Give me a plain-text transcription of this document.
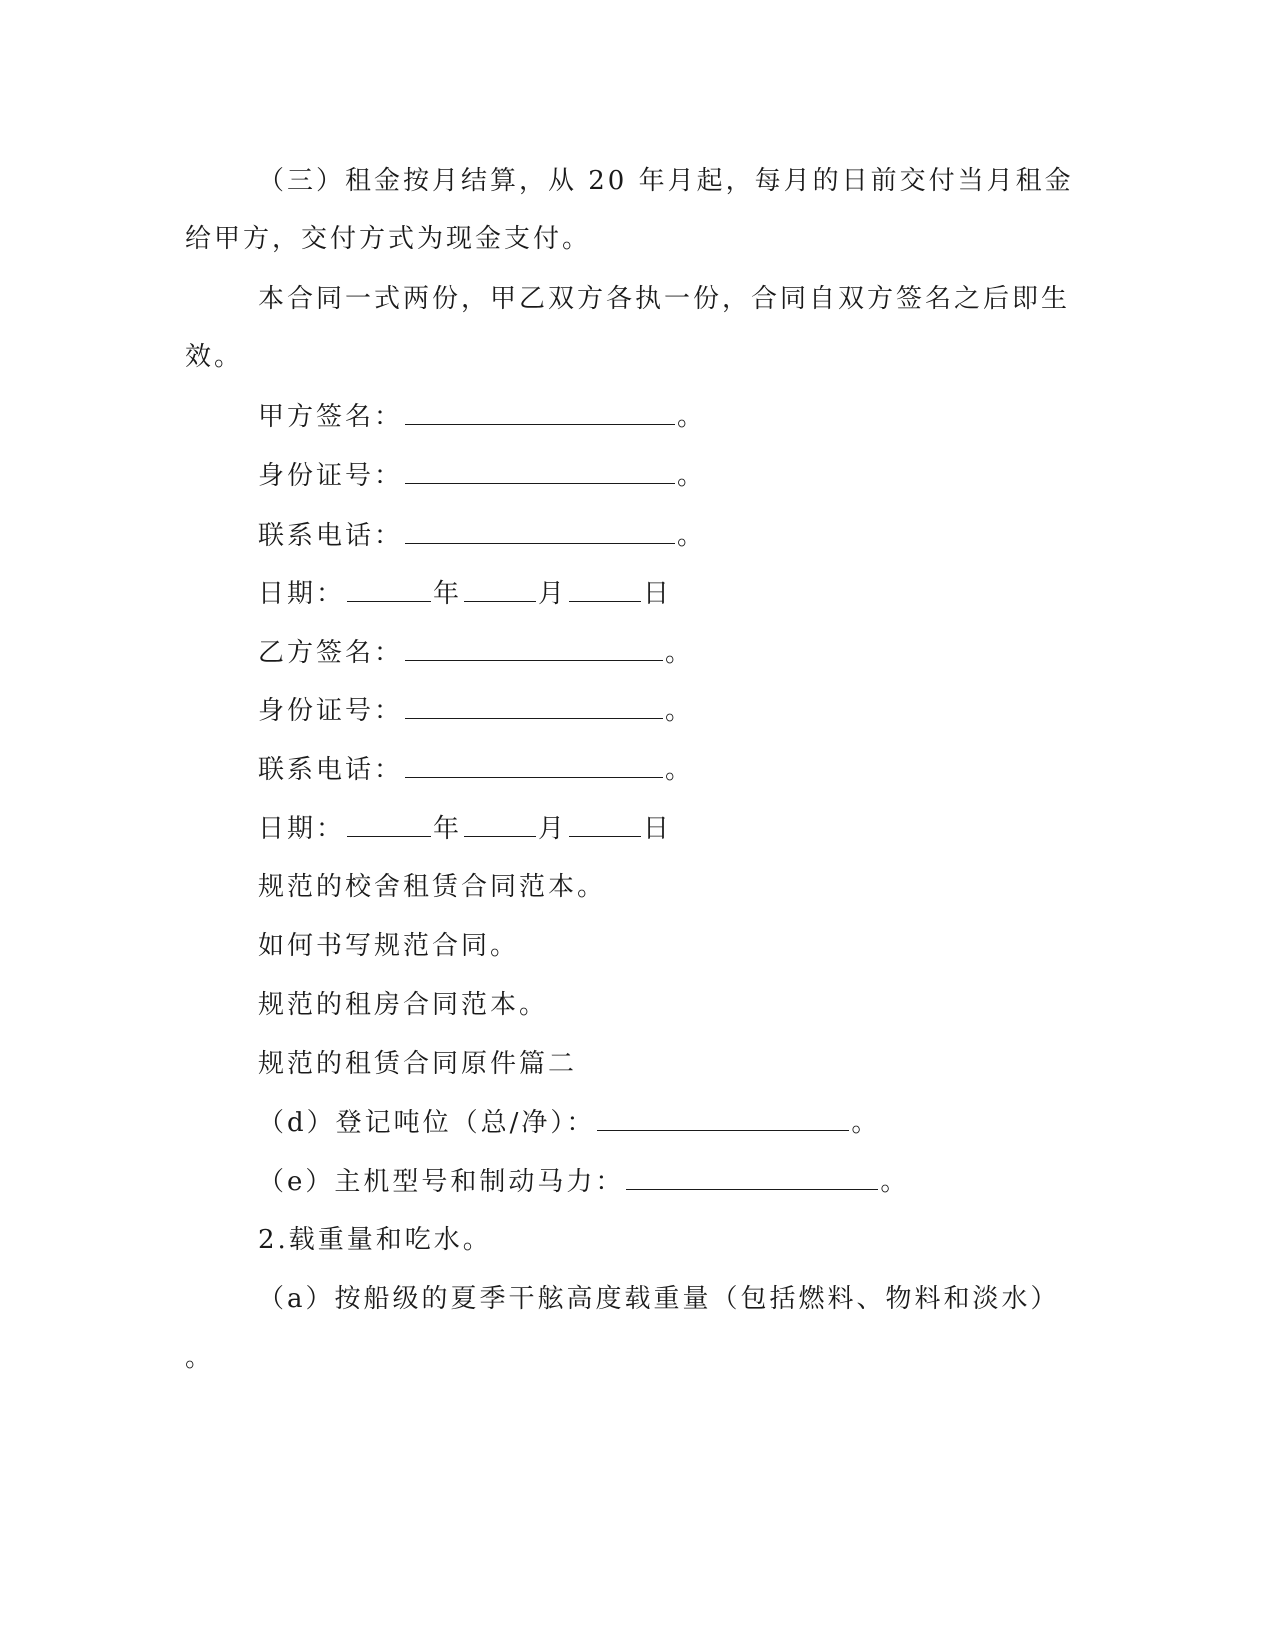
（三）租金按月结算，从 20 年月起，每月的日前交付当月租金
给甲方，交付方式为现金支付。
本合同一式两份，甲乙双方各执一份，合同自双方签名之后即生
效。
甲方签名：	。
身份证号：	。
联系电话：	。
日期：	年	月	日
乙方签名：	。
身份证号：	。
联系电话：	。
日期：	年	月	日
规范的校舍租赁合同范本。
如何书写规范合同。
规范的租房合同范本。
规范的租赁合同原件篇二
（d）登记吨位（总/净）：	。
（e）主机型号和制动马力：	。
2.载重量和吃水。
（a）按船级的夏季干舷高度载重量（包括燃料、物料和淡水）
。
